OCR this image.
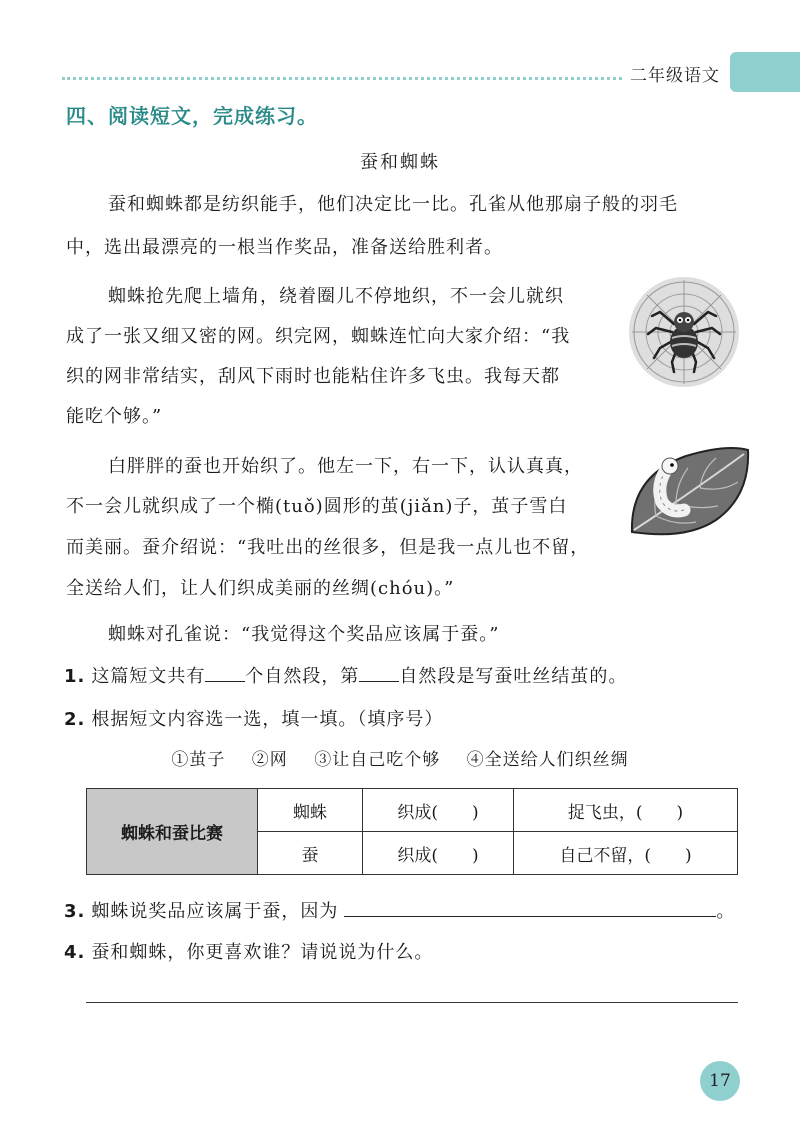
二年级语文
四、阅读短文，完成练习。
蚕和蜘蛛
蚕和蜘蛛都是纺织能手，他们决定比一比。孔雀从他那扇子般的羽毛
中，选出最漂亮的一根当作奖品，准备送给胜利者。
蜘蛛抢先爬上墙角，绕着圈儿不停地织，不一会儿就织
成了一张又细又密的网。织完网，蜘蛛连忙向大家介绍：“我
织的网非常结实，刮风下雨时也能粘住许多飞虫。我每天都
能吃个够。”
白胖胖的蚕也开始织了。他左一下，右一下，认认真真，
不一会儿就织成了一个椭(tuǒ)圆形的茧(jiǎn)子，茧子雪白
而美丽。蚕介绍说：“我吐出的丝很多，但是我一点儿也不留，
全送给人们，让人们织成美丽的丝绸(chóu)。”
蜘蛛对孔雀说：“我觉得这个奖品应该属于蚕。”
1. 这篇短文共有 个自然段，第 自然段是写蚕吐丝结茧的。
2. 根据短文内容选一选，填一填。（填序号）
①茧子 ②网 ③让自己吃个够 ④全送给人们织丝绸
蜘蛛和蚕比赛	蜘蛛	织成(　　)	捉飞虫，(　　)
	蚕	织成(　　)	自己不留，(　　)
3. 蜘蛛说奖品应该属于蚕，因为	。
4. 蚕和蜘蛛，你更喜欢谁？请说说为什么。
17
